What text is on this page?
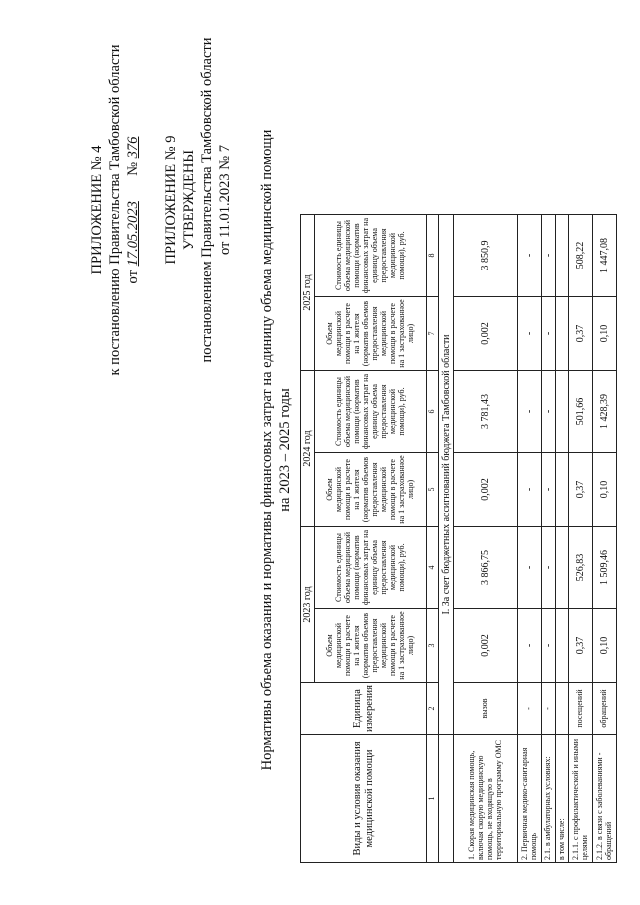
ПРИЛОЖЕНИЕ № 4 к постановлению Правительства Тамбовской области от 17.05.2023       № 376 ПРИЛОЖЕНИЕ № 9 УТВЕРЖДЕНЫ постановлением Правительства Тамбовской области от 11.01.2023 № 7 Нормативы объема оказания и нормативы финансовых затрат на единицу объема медицинской помощи на 2023 – 2025 годы
Виды и условия оказания медицинской помощи	Единица измерения	2023 год		2024 год		2025 год	
		Объем медицинской помощи в расчете на 1 жителя (норматив объемов предоставления медицинской помощи в расчете на 1 застрахованное лицо)	Стоимость единицы объема медицинской помощи (норматив финансовых затрат на единицу объема предоставления медицинской помощи), руб.	Объем медицинской помощи в расчете на 1 жителя (норматив объемов предоставления медицинской помощи в расчете на 1 застрахованное лицо)	Стоимость единицы объема медицинской помощи (норматив финансовых затрат на единицу объема предоставления медицинской помощи), руб.	Объем медицинской помощи в расчете на 1 жителя (норматив объемов предоставления медицинской помощи в расчете на 1 застрахованное лицо)	Стоимость единицы объема медицинской помощи (норматив финансовых затрат на единицу объема предоставления медицинской помощи), руб.
1	2	3	4	5	6	7	8
	I. За счет бюджетных ассигнований бюджета Тамбовской области						
1. Скорая медицинская помощь, включая скорую медицинскую помощь, не входящую в территориальную программу ОМС	вызов	0,002	3 866,75	0,002	3 781,43	0,002	3 850,9
2. Первичная медико-санитарная помощь	-	-	-	-	-	-	-
2.1. в амбулаторных условиях:	-	-	-	-	-	-	-
в том числе:							
2.1.1. с профилактической и иными целями	посещений	0,37	526,83	0,37	501,66	0,37	508,22
2.1.2. в связи с заболеваниями - обращений	обращений	0,10	1 509,46	0,10	1 428,39	0,10	1 447,08
